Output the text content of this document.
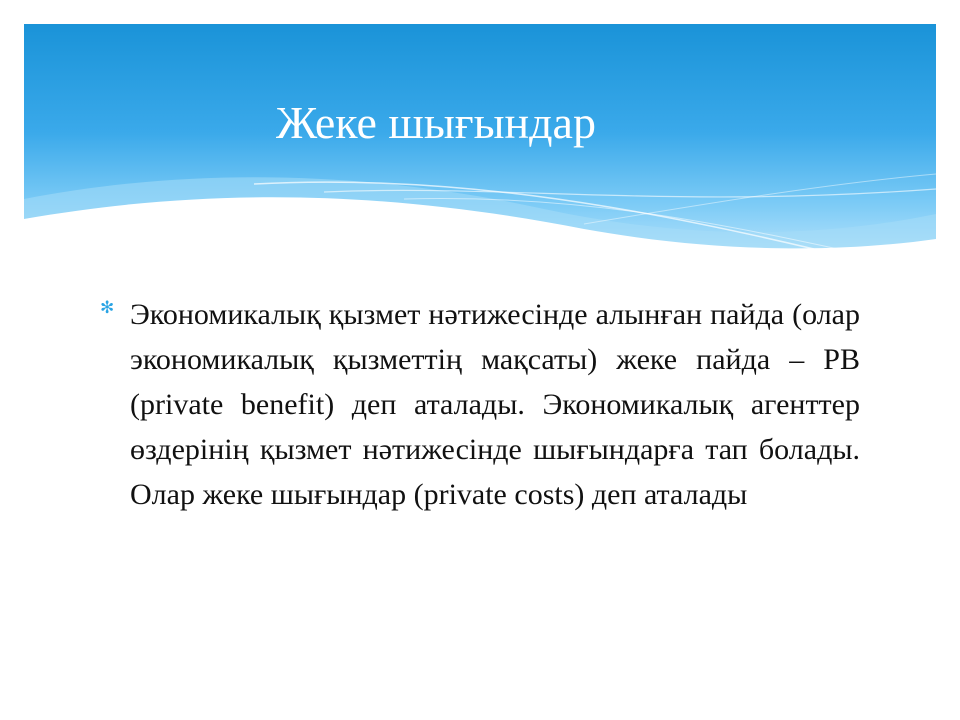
Жеке шығындар
✻ Экономикалық қызмет нәтижесінде алынған пайда (олар экономикалық қызметтің мақсаты) жеке пайда – PB (private benefit) деп аталады. Экономикалық агенттер өздерінің қызмет нәтижесінде шығындарға тап болады. Олар жеке шығындар (private costs) деп аталады
